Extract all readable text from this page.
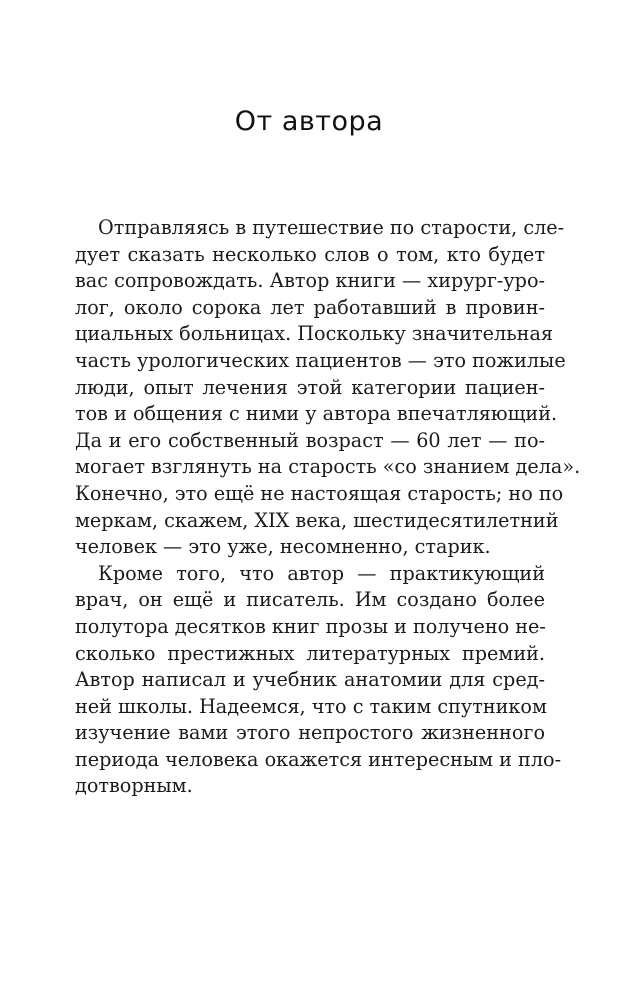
От автора
Отправляясь в путешествие по старости, сле-
дует сказать несколько слов о том, кто будет
вас сопровождать. Автор книги — хирург-уро-
лог, около сорока лет работавший в провин-
циальных больницах. Поскольку значительная
часть урологических пациентов — это пожилые
люди, опыт лечения этой категории пациен-
тов и общения с ними у автора впечатляющий.
Да и его собственный возраст — 60 лет — по-
могает взглянуть на старость «со знанием дела».
Конечно, это ещё не настоящая старость; но по
меркам, скажем, XIX века, шестидесятилетний
человек — это уже, несомненно, старик.
Кроме того, что автор — практикующий
врач, он ещё и писатель. Им создано более
полутора десятков книг прозы и получено не-
сколько престижных литературных премий.
Автор написал и учебник анатомии для сред-
ней школы. Надеемся, что с таким спутником
изучение вами этого непростого жизненного
периода человека окажется интересным и пло-
дотворным.
